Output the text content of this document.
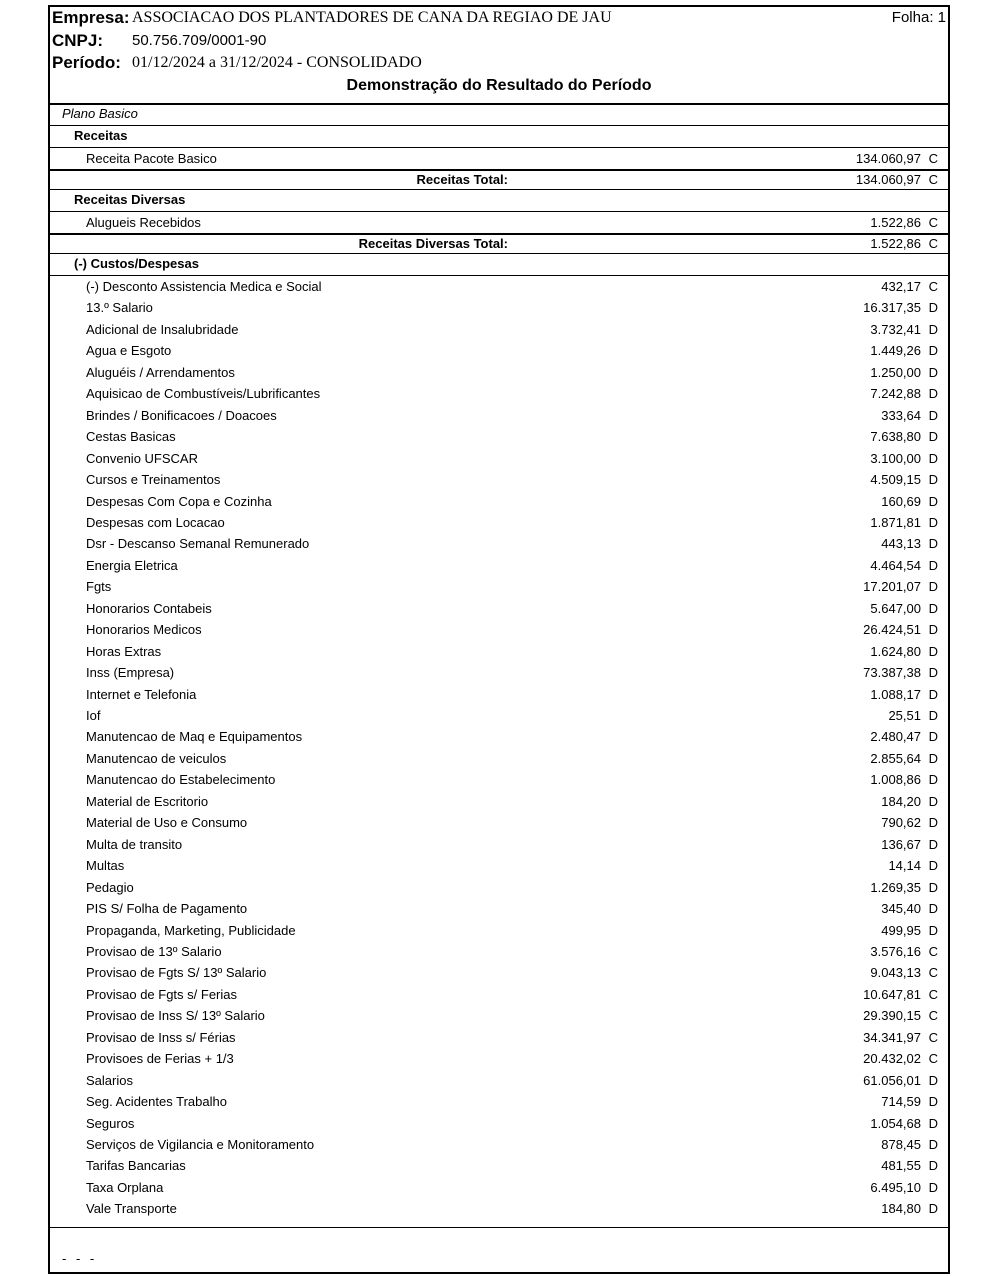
Empresa: ASSOCIACAO DOS PLANTADORES DE CANA DA REGIAO DE JAU	Folha: 1
CNPJ: 50.756.709/0001-90
Período: 01/12/2024 a 31/12/2024 - CONSOLIDADO
Demonstração do Resultado do Período
Plano Basico
Receitas
Receita Pacote Basico	134.060,97 C
Receitas Total:	134.060,97 C
Receitas Diversas
Alugueis Recebidos	1.522,86 C
Receitas Diversas Total:	1.522,86 C
(-) Custos/Despesas
(-) Desconto Assistencia Medica e Social	432,17 C
13.º Salario	16.317,35 D
Adicional de Insalubridade	3.732,41 D
Agua e Esgoto	1.449,26 D
Aluguéis / Arrendamentos	1.250,00 D
Aquisicao de Combustíveis/Lubrificantes	7.242,88 D
Brindes / Bonificacoes / Doacoes	333,64 D
Cestas Basicas	7.638,80 D
Convenio UFSCAR	3.100,00 D
Cursos e Treinamentos	4.509,15 D
Despesas Com Copa e Cozinha	160,69 D
Despesas com Locacao	1.871,81 D
Dsr - Descanso Semanal Remunerado	443,13 D
Energia Eletrica	4.464,54 D
Fgts	17.201,07 D
Honorarios Contabeis	5.647,00 D
Honorarios Medicos	26.424,51 D
Horas Extras	1.624,80 D
Inss (Empresa)	73.387,38 D
Internet e Telefonia	1.088,17 D
Iof	25,51 D
Manutencao de Maq e Equipamentos	2.480,47 D
Manutencao de veiculos	2.855,64 D
Manutencao do Estabelecimento	1.008,86 D
Material de Escritorio	184,20 D
Material de Uso e Consumo	790,62 D
Multa de transito	136,67 D
Multas	14,14 D
Pedagio	1.269,35 D
PIS S/ Folha de Pagamento	345,40 D
Propaganda, Marketing, Publicidade	499,95 D
Provisao de 13º Salario	3.576,16 C
Provisao de Fgts S/ 13º Salario	9.043,13 C
Provisao de Fgts s/ Ferias	10.647,81 C
Provisao de Inss S/ 13º Salario	29.390,15 C
Provisao de Inss s/ Férias	34.341,97 C
Provisoes de Ferias + 1/3	20.432,02 C
Salarios	61.056,01 D
Seg. Acidentes Trabalho	714,59 D
Seguros	1.054,68 D
Serviços de Vigilancia e Monitoramento	878,45 D
Tarifas Bancarias	481,55 D
Taxa Orplana	6.495,10 D
Vale Transporte	184,80 D
- - -
